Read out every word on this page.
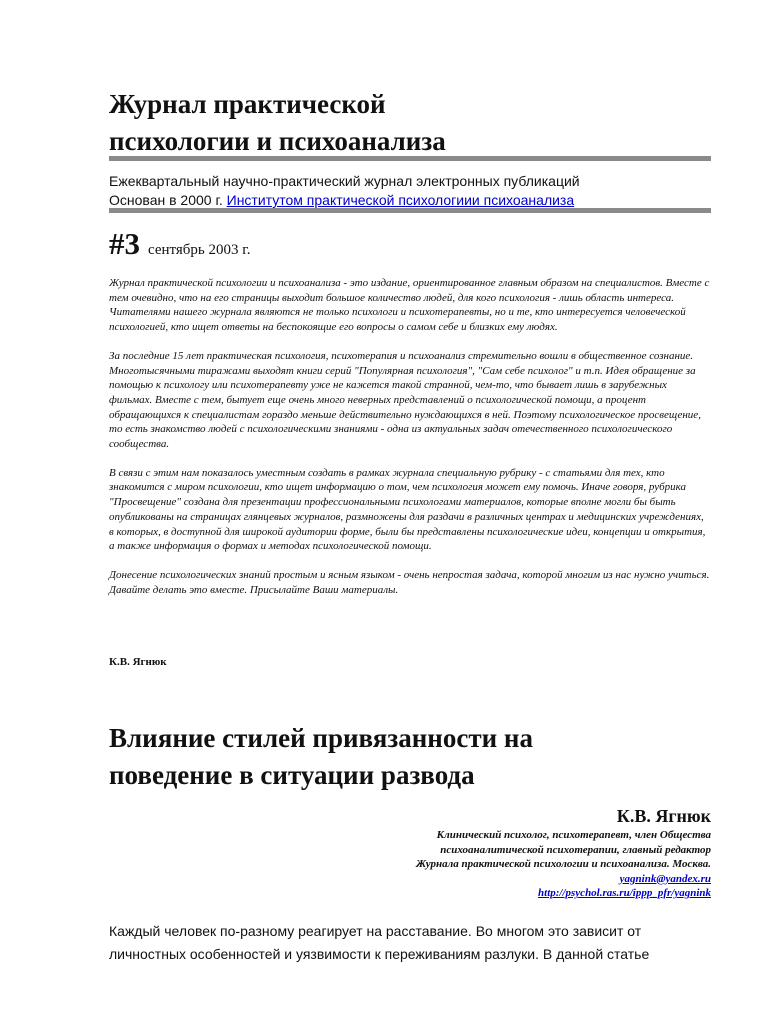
Журнал практической
психологии и психоанализа
Ежеквартальный научно-практический журнал электронных публикаций
Основан в 2000 г. Институтом практической психологиии психоанализа
#3 сентябрь 2003 г.

Журнал практической психологии и психоанализа - это издание, ориентированное главным образом на специалистов. Вместе с тем очевидно, что на его страницы выходит большое количество людей, для кого психология - лишь область интереса. Читателями нашего журнала являются не только психологи и психотерапевты, но и те, кто интересуется человеческой психологией, кто ищет ответы на беспокоящие его вопросы о самом себе и близких ему людях.

За последние 15 лет практическая психология, психотерапия и психоанализ стремительно вошли в общественное сознание. Многотысячными тиражами выходят книги серий "Популярная психология", "Сам себе психолог" и т.п. Идея обращение за помощью к психологу или психотерапевту уже не кажется такой странной, чем-то, что бывает лишь в зарубежных фильмах. Вместе с тем, бытует еще очень много неверных представлений о психологической помощи, а процент обращающихся к специалистам гораздо меньше действительно нуждающихся в ней. Поэтому психологическое просвещение, то есть знакомство людей с психологическими знаниями - одна из актуальных задач отечественного психологического сообщества.

В связи с этим нам показалось уместным создать в рамках журнала специальную рубрику - с статьями для тех, кто знакомится с миром психологии, кто ищет информацию о том, чем психология может ему помочь. Иначе говоря, рубрика "Просвещение" создана для презентации профессиональными психологами материалов, которые вполне могли бы быть опубликованы на страницах глянцевых журналов, размножены для раздачи в различных центрах и медицинских учреждениях, в которых, в доступной для широкой аудитории форме, были бы представлены психологические идеи, концепции и открытия, а также информация о формах и методах психологической помощи.

Донесение психологических знаний простым и ясным языком - очень непростая задача, которой многим из нас нужно учиться. Давайте делать это вместе. Присылайте Ваши материалы.

К.В. Ягнюк
Влияние стилей привязанности на
поведение в ситуации развода
К.В. Ягнюк
Клинический психолог, психотерапевт, член Общества
психоаналитической психотерапии, главный редактор
Журнала практической психологии и психоанализа. Москва.
yagnink@yandex.ru
http://psychol.ras.ru/ippp_pfr/yagnink

Каждый человек по-разному реагирует на расставание. Во многом это зависит от

личностных особенностей и уязвимости к переживаниям разлуки. В данной статье
